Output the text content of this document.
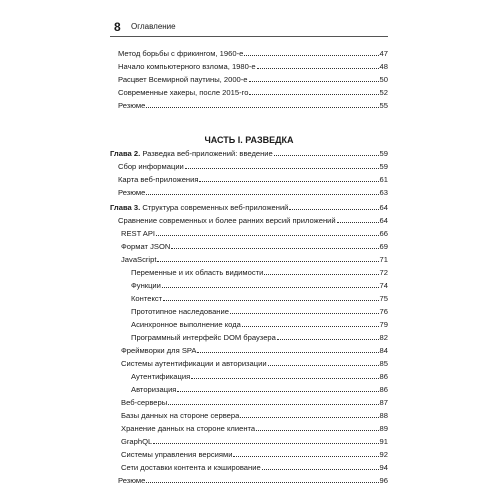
8 Оглавление
ЧАСТЬ I. РАЗВЕДКА
Метод борьбы с фрикингом, 1960-е	47
Начало компьютерного взлома, 1980-е	48
Расцвет Всемирной паутины, 2000-е	50
Современные хакеры, после 2015-го	52
Резюме	55
Глава 2. Разведка веб-приложений: введение	59
Сбор информации	59
Карта веб-приложения	61
Резюме	63
Глава 3. Структура современных веб-приложений	64
Сравнение современных и более ранних версий приложений	64
REST API	66
Формат JSON	69
JavaScript	71
Переменные и их область видимости	72
Функции	74
Контекст	75
Прототипное наследование	76
Асинхронное выполнение кода	79
Программный интерфейс DOM браузера	82
Фреймворки для SPA	84
Системы аутентификации и авторизации	85
Аутентификация	86
Авторизация	86
Веб-серверы	87
Базы данных на стороне сервера	88
Хранение данных на стороне клиента	89
GraphQL	91
Системы управления версиями	92
Сети доставки контента и кэширование	94
Резюме	96
